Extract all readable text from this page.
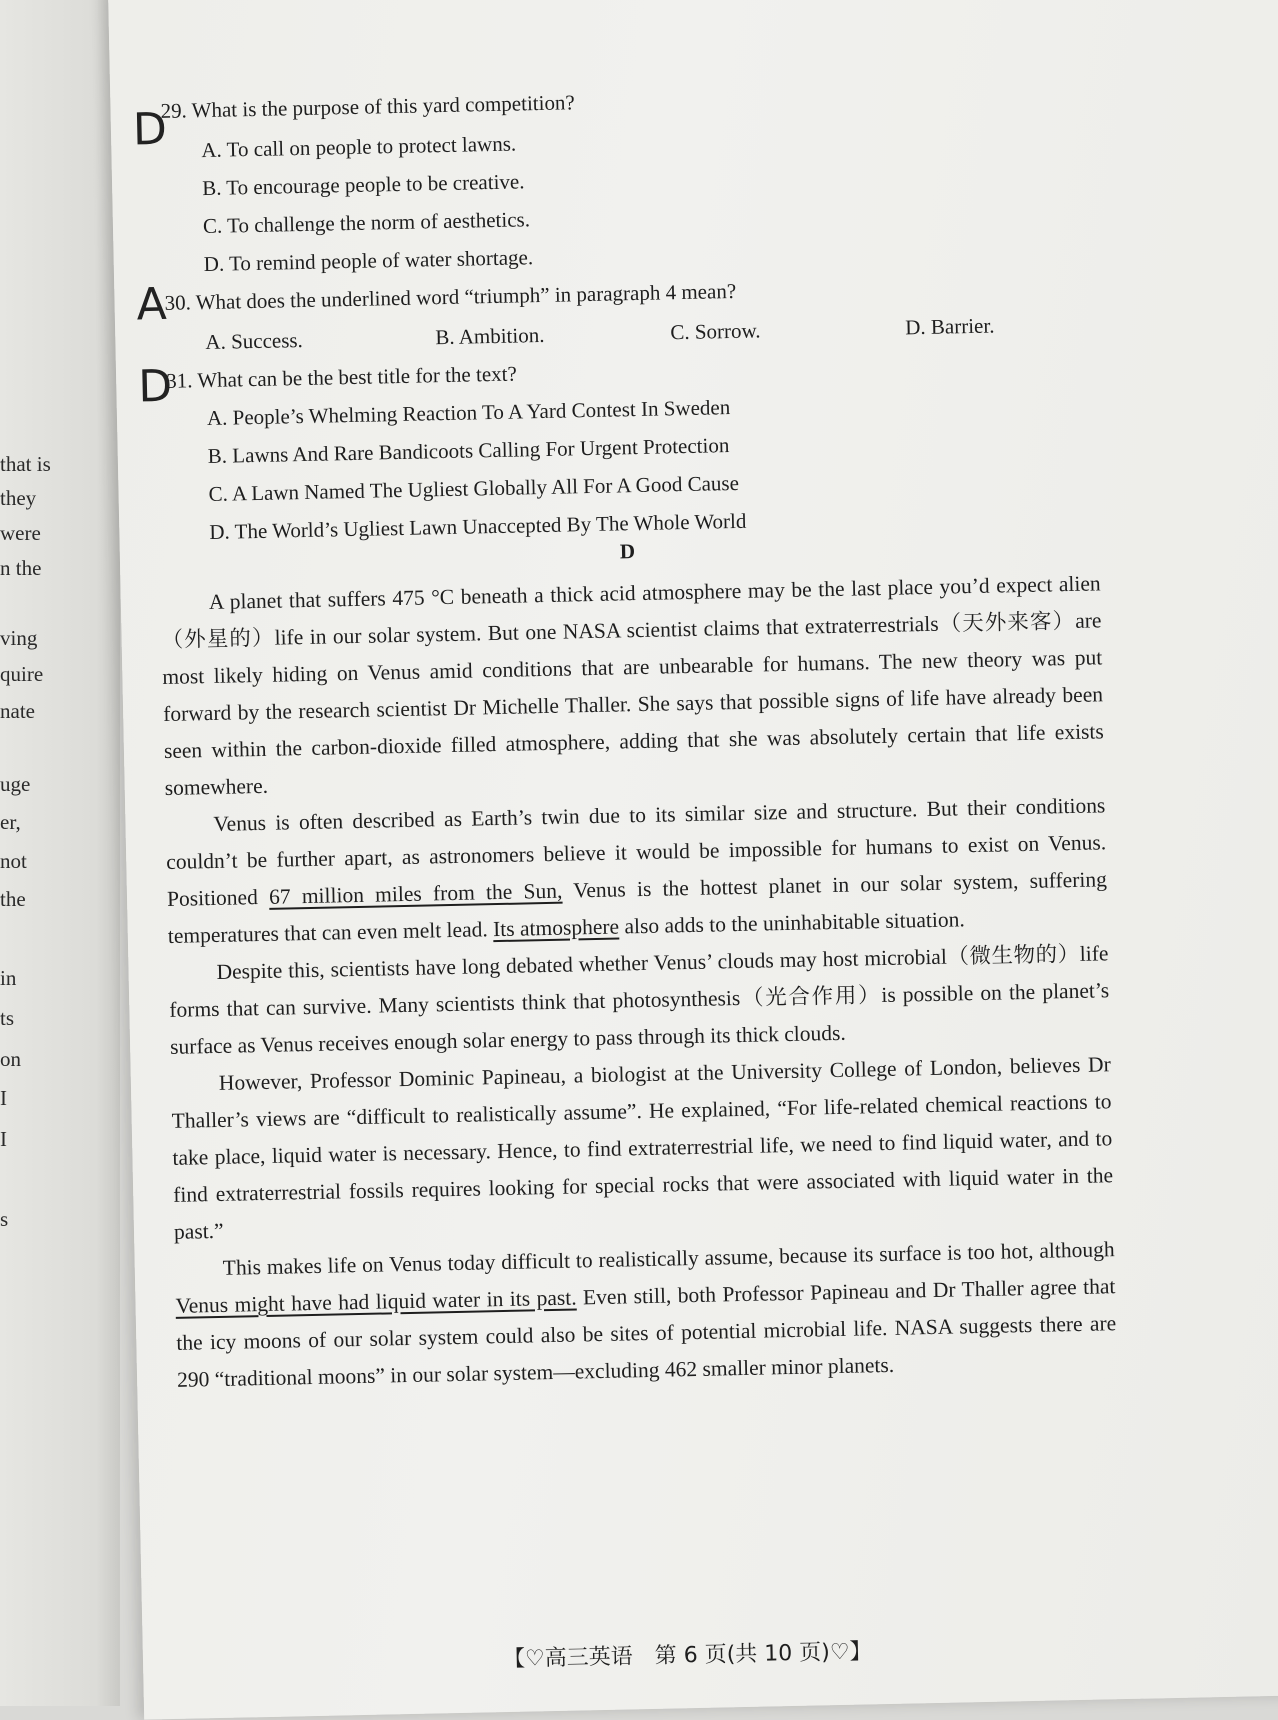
that is
they
were
n the
ving
quire
nate
uge
er,
not
the
in
ts
on
I
I
s
D
29. What is the purpose of this yard competition?
A. To call on people to protect lawns.
B. To encourage people to be creative.
C. To challenge the norm of aesthetics.
D. To remind people of water shortage.
A
30. What does the underlined word “triumph” in paragraph 4 mean?
A. Success.	B. Ambition.	C. Sorrow.	D. Barrier.
D
31. What can be the best title for the text?
A. People’s Whelming Reaction To A Yard Contest In Sweden
B. Lawns And Rare Bandicoots Calling For Urgent Protection
C. A Lawn Named The Ugliest Globally All For A Good Cause
D. The World’s Ugliest Lawn Unaccepted By The Whole World
D

A planet that suffers 475 °C beneath a thick acid atmosphere may be the last place you’d expect alien（外星的）life in our solar system. But one NASA scientist claims that extraterrestrials（天外来客）are most likely hiding on Venus amid conditions that are unbearable for humans. The new theory was put forward by the research scientist Dr Michelle Thaller. She says that possible signs of life have already been seen within the carbon-dioxide filled atmosphere, adding that she was absolutely certain that life exists somewhere.

Venus is often described as Earth’s twin due to its similar size and structure. But their conditions couldn’t be further apart, as astronomers believe it would be impossible for humans to exist on Venus. Positioned 67 million miles from the Sun, Venus is the hottest planet in our solar system, suffering temperatures that can even melt lead. Its atmosphere also adds to the uninhabitable situation.

Despite this, scientists have long debated whether Venus’ clouds may host microbial（微生物的）life forms that can survive. Many scientists think that photosynthesis（光合作用）is possible on the planet’s surface as Venus receives enough solar energy to pass through its thick clouds.

However, Professor Dominic Papineau, a biologist at the University College of London, believes Dr Thaller’s views are “difficult to realistically assume”. He explained, “For life-related chemical reactions to take place, liquid water is necessary. Hence, to find extraterrestrial life, we need to find liquid water, and to find extraterrestrial fossils requires looking for special rocks that were associated with liquid water in the past.”

This makes life on Venus today difficult to realistically assume, because its surface is too hot, although Venus might have had liquid water in its past. Even still, both Professor Papineau and Dr Thaller agree that the icy moons of our solar system could also be sites of potential microbial life. NASA suggests there are 290 “traditional moons” in our solar system—excluding 462 smaller minor planets.

【♡高三英语　第 6 页(共 10 页)♡】
